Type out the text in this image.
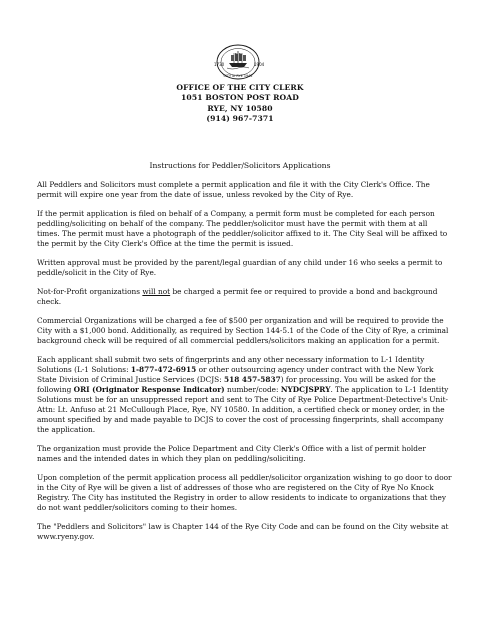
1730	1904
CITY of RYE 1942
OFFICE OF THE CITY CLERK
1051 BOSTON POST ROAD
RYE, NY 10580
(914) 967-7371
Instructions for Peddler/Solicitors Applications

All Peddlers and Solicitors must complete a permit application and file it with the City Clerk's Office. The permit will expire one year from the date of issue, unless revoked by the City of Rye.

If the permit application is filed on behalf of a Company, a permit form must be completed for each person peddling/soliciting on behalf of the company. The peddler/solicitor must have the permit with them at all times. The permit must have a photograph of the peddler/solicitor affixed to it. The City Seal will be affixed to the permit by the City Clerk's Office at the time the permit is issued.

Written approval must be provided by the parent/legal guardian of any child under 16 who seeks a permit to peddle/solicit in the City of Rye.

Not-for-Profit organizations will not be charged a permit fee or required to provide a bond and background check.

Commercial Organizations will be charged a fee of $500 per organization and will be required to provide the City with a $1,000 bond. Additionally, as required by Section 144-5.1 of the Code of the City of Rye, a criminal background check will be required of all commercial peddlers/solicitors making an application for a permit.

Each applicant shall submit two sets of fingerprints and any other necessary information to L-1 Identity Solutions (L-1 Solutions: 1-877-472-6915 or other outsourcing agency under contract with the New York State Division of Criminal Justice Services (DCJS: 518 457-5837) for processing. You will be asked for the following ORI (Originator Response Indicator) number/code: NYDCJSPRY. The application to L-1 Identity Solutions must be for an unsuppressed report and sent to The City of Rye Police Department-Detective's Unit- Attn: Lt. Anfuso at 21 McCullough Place, Rye, NY 10580. In addition, a certified check or money order, in the amount specified by and made payable to DCJS to cover the cost of processing fingerprints, shall accompany the application.

The organization must provide the Police Department and City Clerk's Office with a list of permit holder names and the intended dates in which they plan on peddling/soliciting.

Upon completion of the permit application process all peddler/solicitor organization wishing to go door to door in the City of Rye will be given a list of addresses of those who are registered on the City of Rye No Knock Registry. The City has instituted the Registry in order to allow residents to indicate to organizations that they do not want peddler/solicitors coming to their homes.

The "Peddlers and Solicitors" law is Chapter 144 of the Rye City Code and can be found on the City website at www.ryeny.gov.
